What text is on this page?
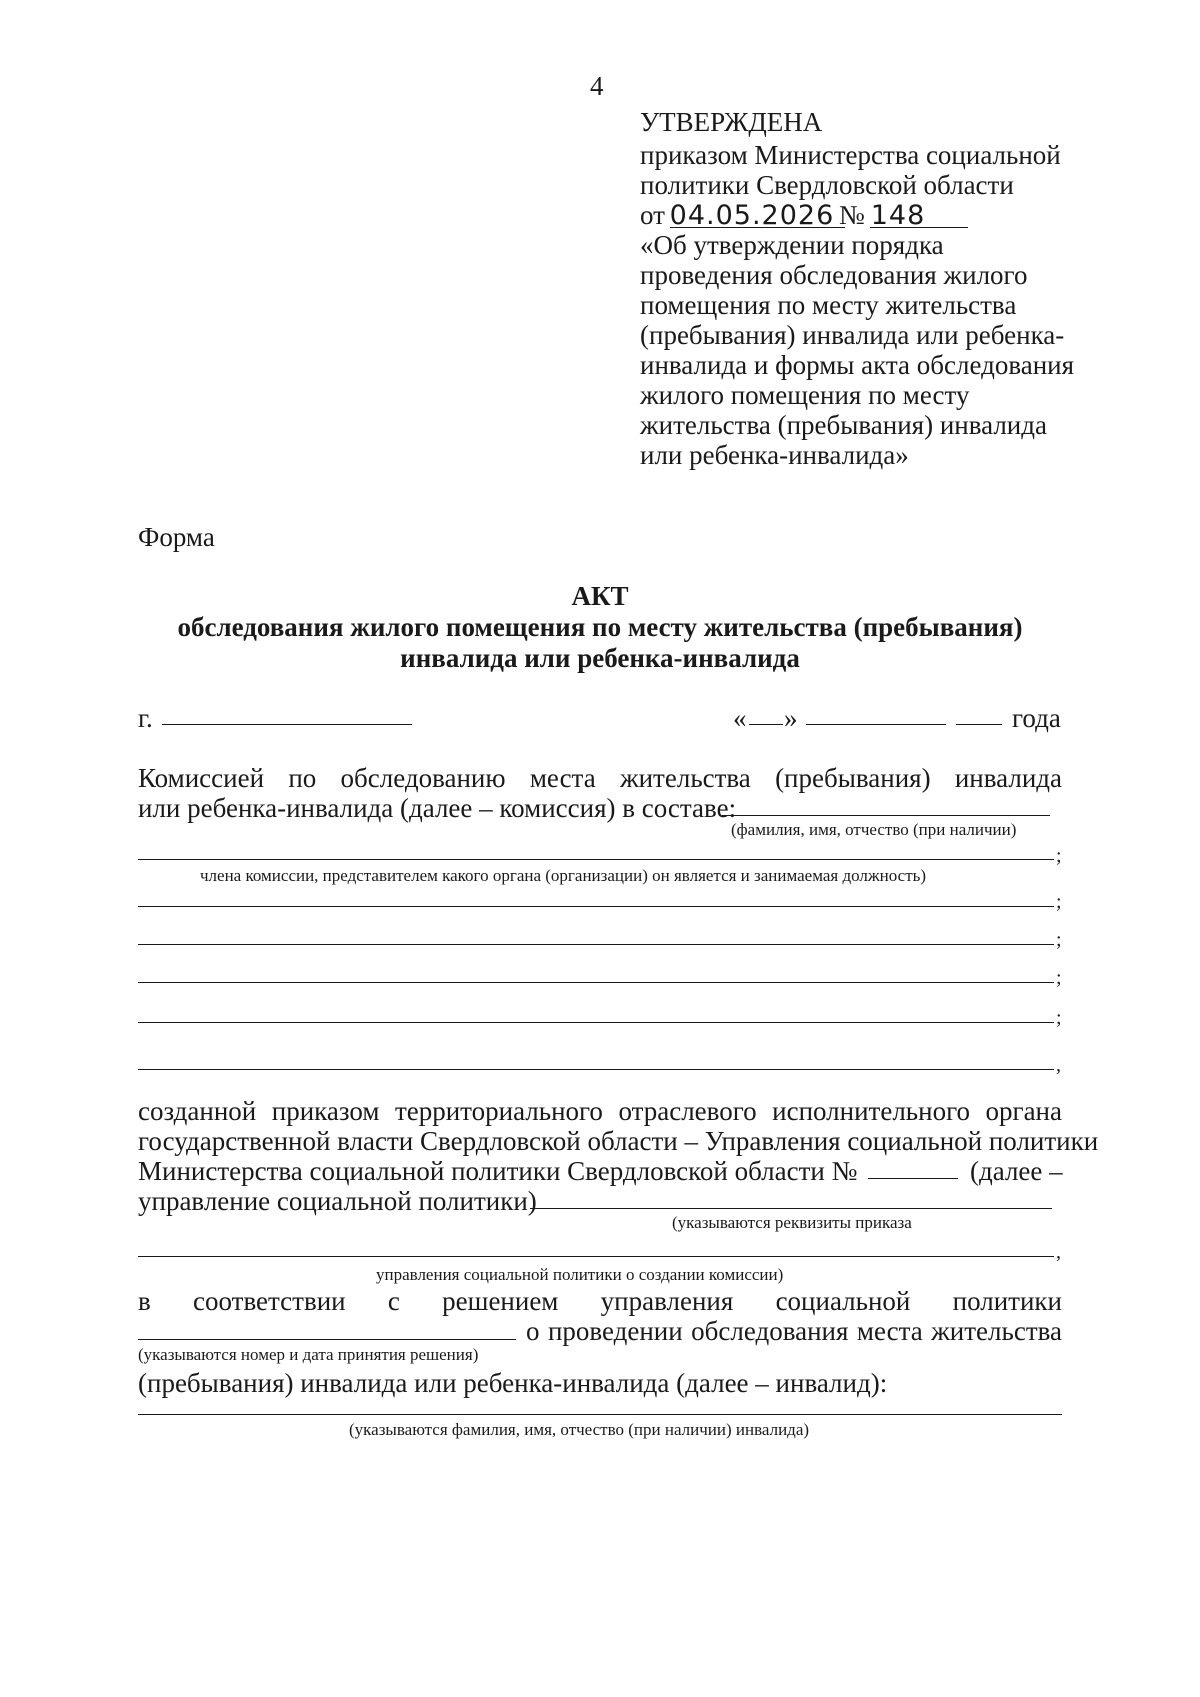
4
УТВЕРЖДЕНА
приказом Министерства социальной
политики Свердловской области
от 04.05.2026 № 148
«Об утверждении порядка
проведения обследования жилого
помещения по месту жительства
(пребывания) инвалида или ребенка-
инвалида и формы акта обследования
жилого помещения по месту
жительства (пребывания) инвалида
или ребенка-инвалида»
Форма
АКТ
обследования жилого помещения по месту жительства (пребывания)
инвалида или ребенка-инвалида
г.	« »	года
Комиссией по обследованию места жительства (пребывания) инвалида
или ребенка-инвалида (далее – комиссия) в составе:
(фамилия, имя, отчество (при наличии)
;
члена комиссии, представителем какого органа (организации) он является и занимаемая должность)
;
;
;
;
,
созданной приказом территориального отраслевого исполнительного органа
государственной власти Свердловской области – Управления социальной политики
Министерства социальной политики Свердловской области №	(далее –
управление социальной политики)
(указываются реквизиты приказа
,
управления социальной политики о создании комиссии)
в соответствии с решением управления социальной политики
о проведении обследования места жительства
(указываются номер и дата принятия решения)
(пребывания) инвалида или ребенка-инвалида (далее – инвалид):
(указываются фамилия, имя, отчество (при наличии) инвалида)
